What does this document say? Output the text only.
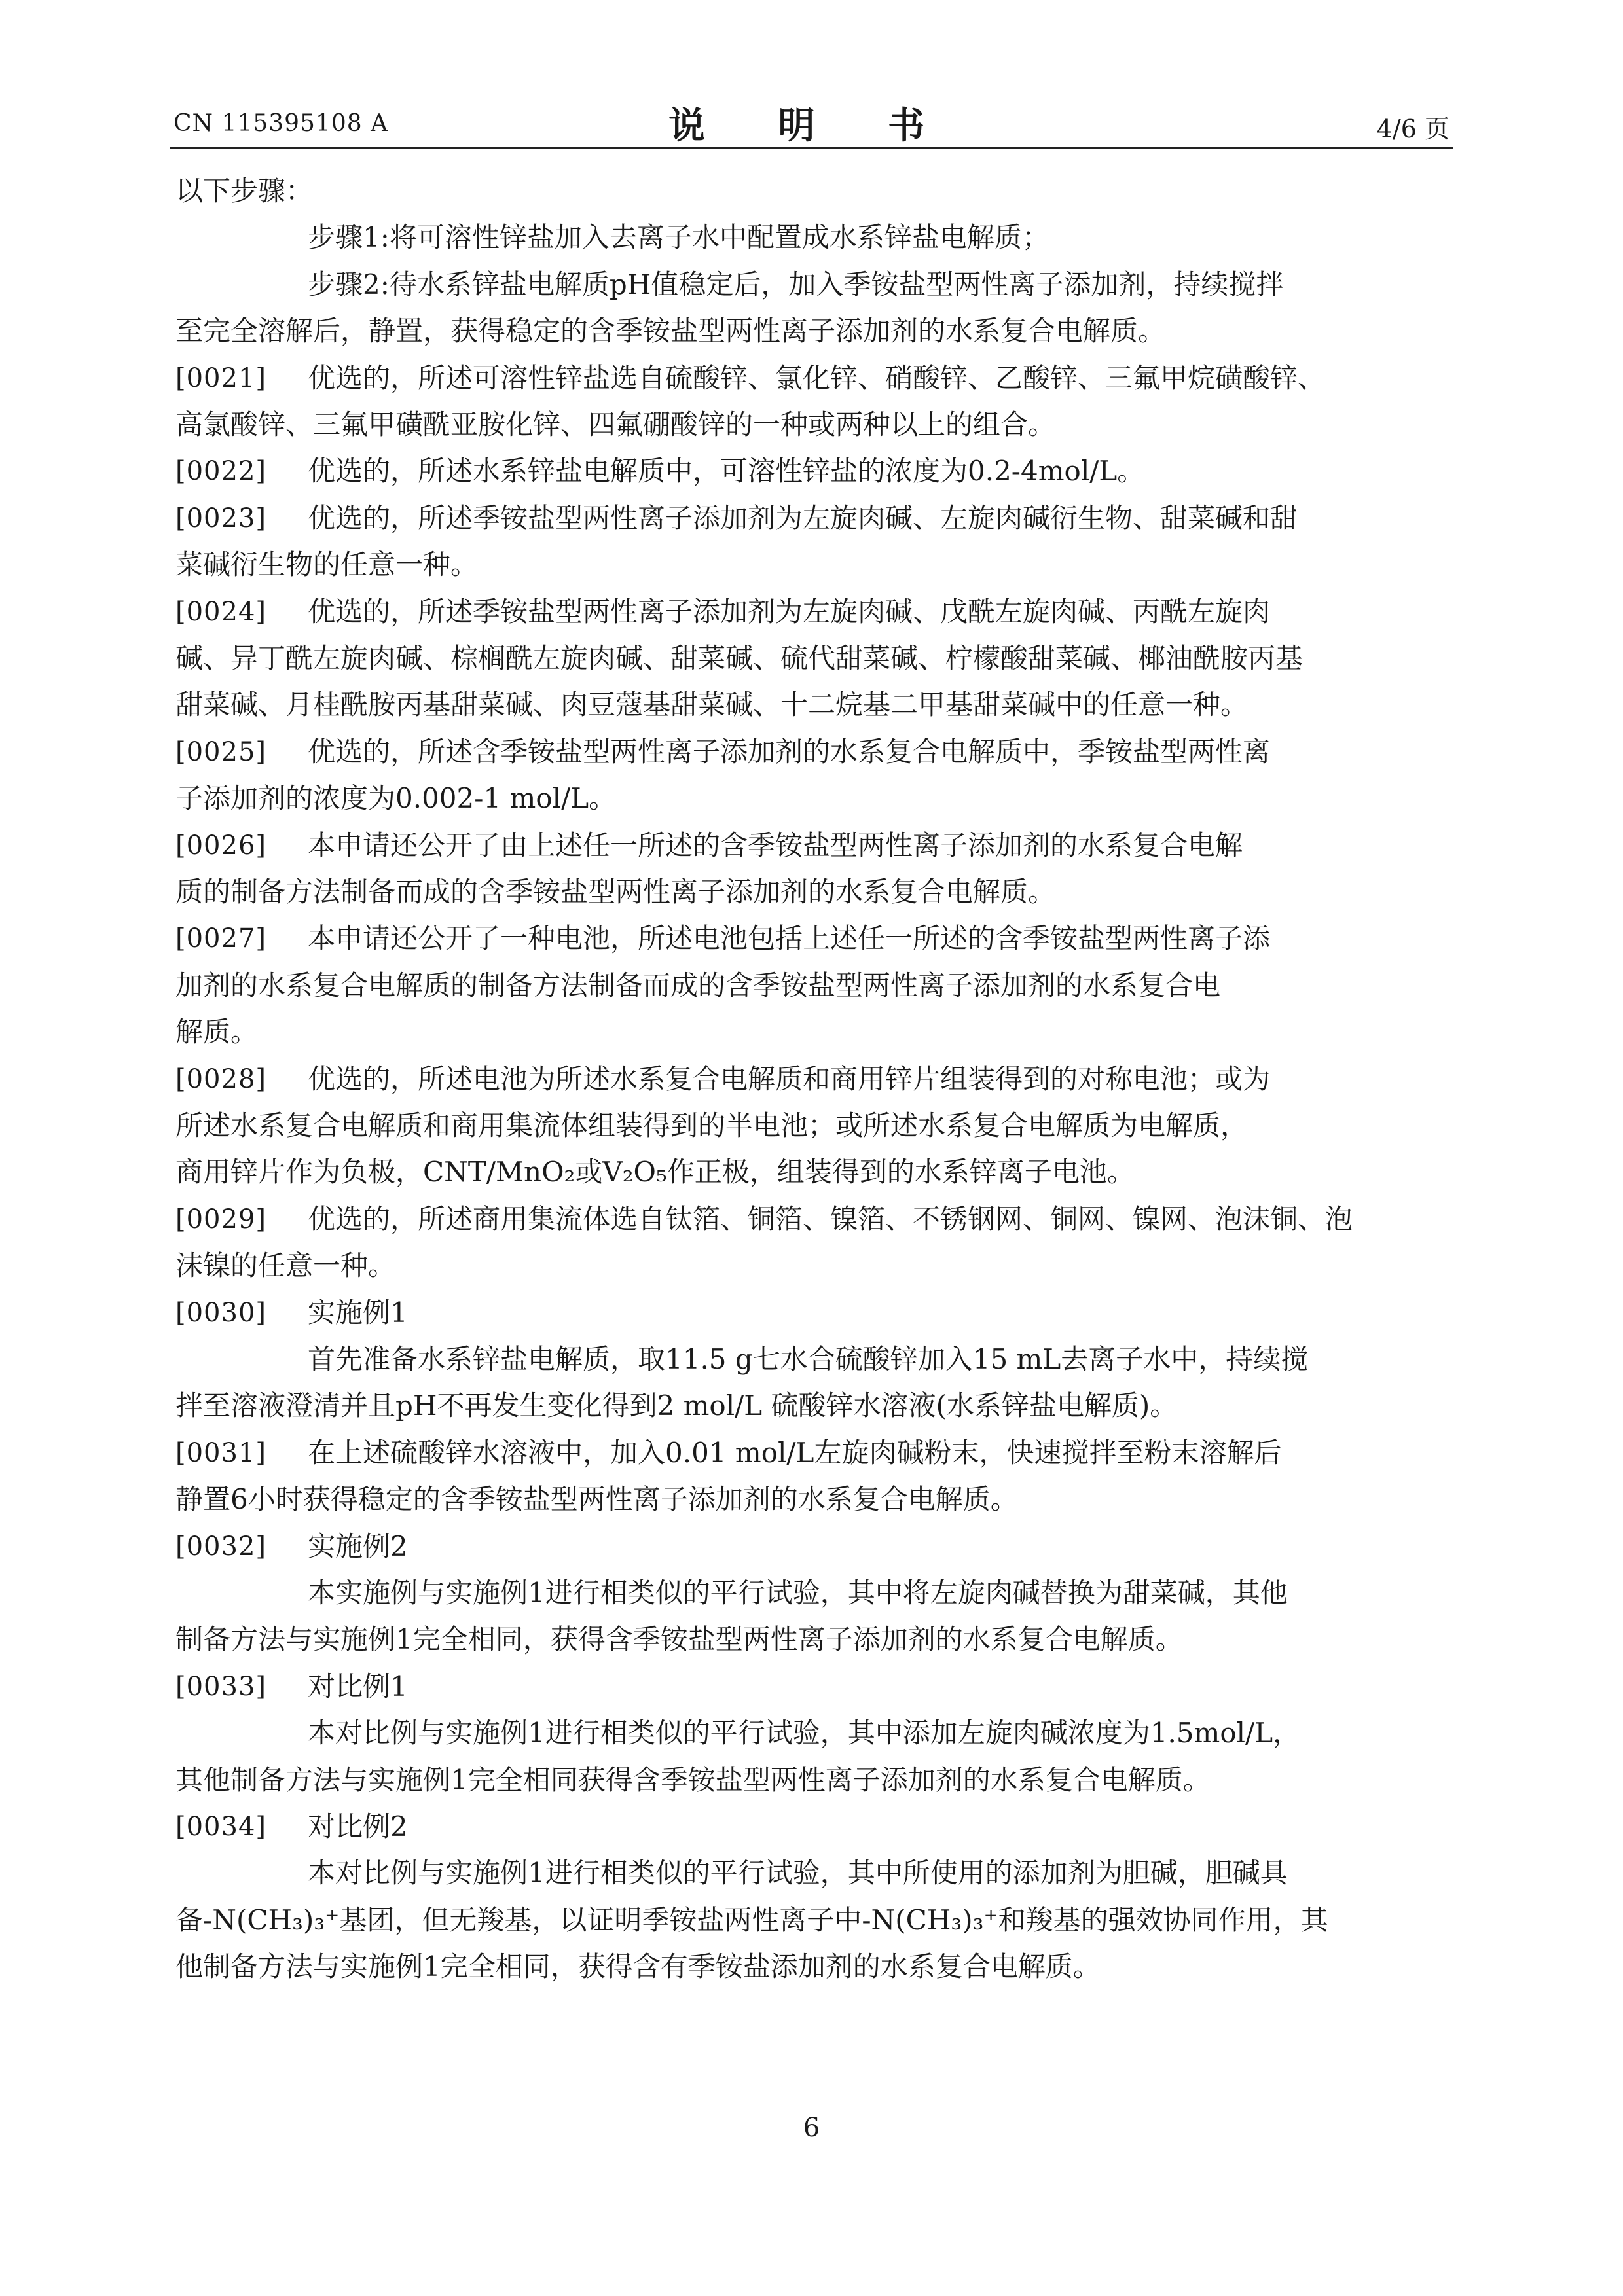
CN 115395108 A	说 明 书	4/6 页
以下步骤：
步骤1:将可溶性锌盐加入去离子水中配置成水系锌盐电解质；
步骤2:待水系锌盐电解质pH值稳定后，加入季铵盐型两性离子添加剂，持续搅拌
至完全溶解后，静置，获得稳定的含季铵盐型两性离子添加剂的水系复合电解质。
[0021] 优选的，所述可溶性锌盐选自硫酸锌、氯化锌、硝酸锌、乙酸锌、三氟甲烷磺酸锌、
高氯酸锌、三氟甲磺酰亚胺化锌、四氟硼酸锌的一种或两种以上的组合。
[0022] 优选的，所述水系锌盐电解质中，可溶性锌盐的浓度为0.2-4mol/L。
[0023] 优选的，所述季铵盐型两性离子添加剂为左旋肉碱、左旋肉碱衍生物、甜菜碱和甜
菜碱衍生物的任意一种。
[0024] 优选的，所述季铵盐型两性离子添加剂为左旋肉碱、戊酰左旋肉碱、丙酰左旋肉
碱、异丁酰左旋肉碱、棕榈酰左旋肉碱、甜菜碱、硫代甜菜碱、柠檬酸甜菜碱、椰油酰胺丙基
甜菜碱、月桂酰胺丙基甜菜碱、肉豆蔻基甜菜碱、十二烷基二甲基甜菜碱中的任意一种。
[0025] 优选的，所述含季铵盐型两性离子添加剂的水系复合电解质中，季铵盐型两性离
子添加剂的浓度为0.002-1 mol/L。
[0026] 本申请还公开了由上述任一所述的含季铵盐型两性离子添加剂的水系复合电解
质的制备方法制备而成的含季铵盐型两性离子添加剂的水系复合电解质。
[0027] 本申请还公开了一种电池，所述电池包括上述任一所述的含季铵盐型两性离子添
加剂的水系复合电解质的制备方法制备而成的含季铵盐型两性离子添加剂的水系复合电
解质。
[0028] 优选的，所述电池为所述水系复合电解质和商用锌片组装得到的对称电池；或为
所述水系复合电解质和商用集流体组装得到的半电池；或所述水系复合电解质为电解质，
商用锌片作为负极，CNT/MnO₂或V₂O₅作正极，组装得到的水系锌离子电池。
[0029] 优选的，所述商用集流体选自钛箔、铜箔、镍箔、不锈钢网、铜网、镍网、泡沫铜、泡
沫镍的任意一种。
[0030] 实施例1
首先准备水系锌盐电解质，取11.5 g七水合硫酸锌加入15 mL去离子水中，持续搅
拌至溶液澄清并且pH不再发生变化得到2 mol/L 硫酸锌水溶液(水系锌盐电解质)。
[0031] 在上述硫酸锌水溶液中，加入0.01 mol/L左旋肉碱粉末，快速搅拌至粉末溶解后
静置6小时获得稳定的含季铵盐型两性离子添加剂的水系复合电解质。
[0032] 实施例2
本实施例与实施例1进行相类似的平行试验，其中将左旋肉碱替换为甜菜碱，其他
制备方法与实施例1完全相同，获得含季铵盐型两性离子添加剂的水系复合电解质。
[0033] 对比例1
本对比例与实施例1进行相类似的平行试验，其中添加左旋肉碱浓度为1.5mol/L，
其他制备方法与实施例1完全相同获得含季铵盐型两性离子添加剂的水系复合电解质。
[0034] 对比例2
本对比例与实施例1进行相类似的平行试验，其中所使用的添加剂为胆碱，胆碱具
备-N(CH₃)₃⁺基团，但无羧基，以证明季铵盐两性离子中-N(CH₃)₃⁺和羧基的强效协同作用，其
他制备方法与实施例1完全相同，获得含有季铵盐添加剂的水系复合电解质。
6
